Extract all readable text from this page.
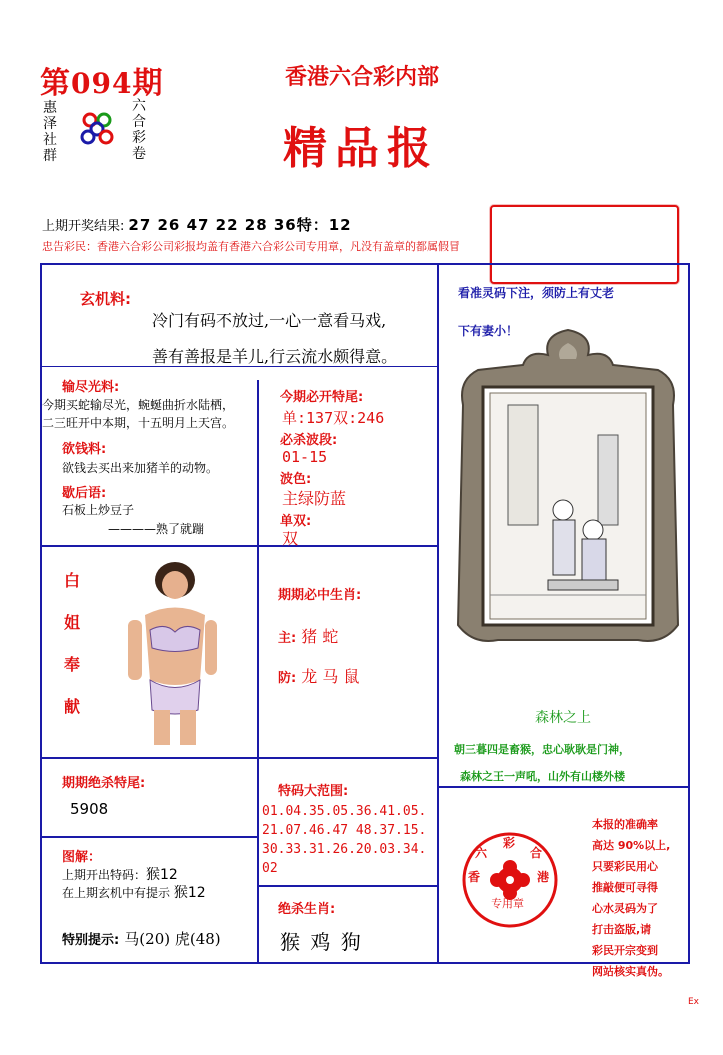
第094期
惠
泽
社
群
六
合
彩
卷
香港六合彩内部
精品报
上期开奖结果: 27 26 47 22 28 36特：12
忠告彩民：香港六合彩公司彩报均盖有香港六合彩公司专用章，凡没有盖章的都属假冒
玄机料:
冷门有码不放过,一心一意看马戏,
善有善报是羊儿,行云流水颇得意。
输尽光料:
今期买蛇输尽光，蜿蜒曲折水陆栖，
二三旺开中本期，十五明月上天宫。
欲钱料:
欲钱去买出来加猪羊的动物。
歇后语:
石板上炒豆子
————熟了就蹦
今期必开特尾:
单:137双:246
必杀波段:
01-15
波色:
主绿防蓝
单双:
双
白
姐
奉
献
期期必中生肖:
主: 猪 蛇
防: 龙 马 鼠
看准灵码下注，须防上有丈老
下有妻小！
森林之上
朝三暮四是畜猴，忠心耿耿是门神，
森林之王一声吼，山外有山楼外楼
期期绝杀特尾:
5908
图解：
上期开出特码：猴12
在上期玄机中有提示 猴12
特别提示: 马(20) 虎(48)
特码大范围:
01.04.35.05.36.41.05.
21.07.46.47 48.37.15.
30.33.31.26.20.03.34.
02
绝杀生肖:
猴 鸡 狗
彩
六	合
香	港
专用章
本报的准确率
高达 90%以上,
只要彩民用心
推敲便可寻得
心水灵码为了
打击盗版,请
彩民开宗变到
网站核实真伪。
Ex
